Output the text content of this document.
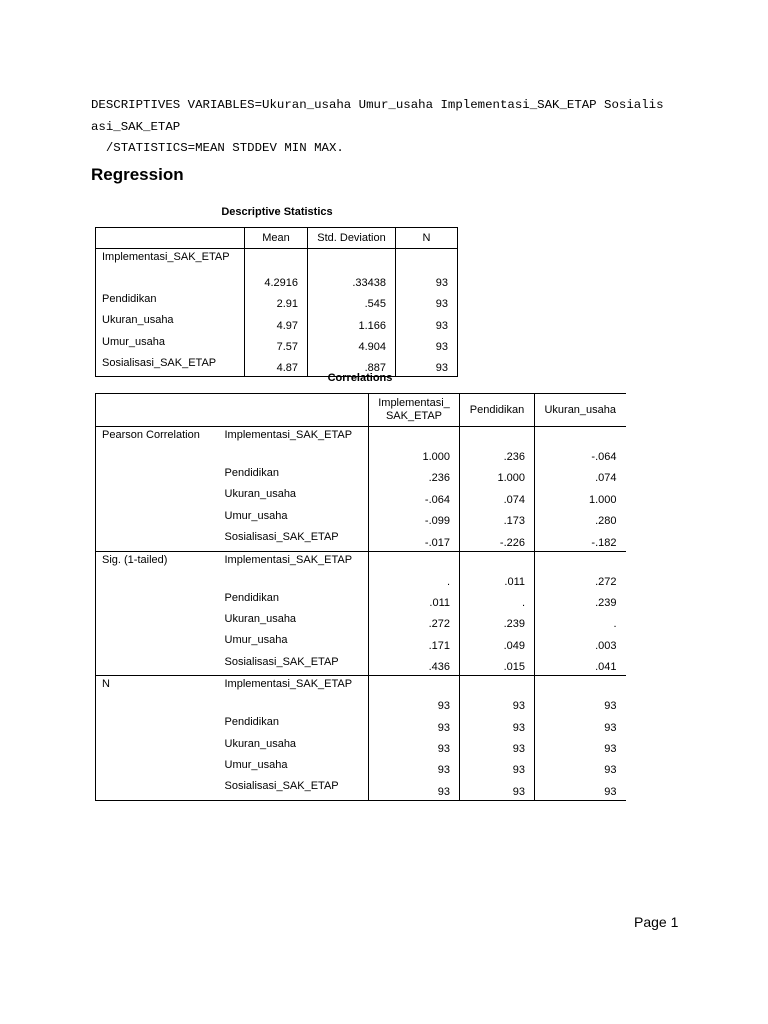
DESCRIPTIVES VARIABLES=Ukuran_usaha Umur_usaha Implementasi_SAK_ETAP Sosialis
asi_SAK_ETAP
/STATISTICS=MEAN STDDEV MIN MAX.
Regression
Descriptive Statistics
	Mean	Std. Deviation	N
Implementasi_SAK_ETAP	4.2916	.33438	93
Pendidikan	2.91	.545	93
Ukuran_usaha	4.97	1.166	93
Umur_usaha	7.57	4.904	93
Sosialisasi_SAK_ETAP	4.87	.887	93
Correlations
		Implementasi_
SAK_ETAP	Pendidikan	Ukuran_usaha
Pearson Correlation	Implementasi_SAK_ETAP	1.000	.236	-.064
	Pendidikan	.236	1.000	.074
	Ukuran_usaha	-.064	.074	1.000
	Umur_usaha	-.099	.173	.280
	Sosialisasi_SAK_ETAP	-.017	-.226	-.182
Sig. (1-tailed)	Implementasi_SAK_ETAP	.	.011	.272
	Pendidikan	.011	.	.239
	Ukuran_usaha	.272	.239	.
	Umur_usaha	.171	.049	.003
	Sosialisasi_SAK_ETAP	.436	.015	.041
N	Implementasi_SAK_ETAP	93	93	93
	Pendidikan	93	93	93
	Ukuran_usaha	93	93	93
	Umur_usaha	93	93	93
	Sosialisasi_SAK_ETAP	93	93	93
Page 1
